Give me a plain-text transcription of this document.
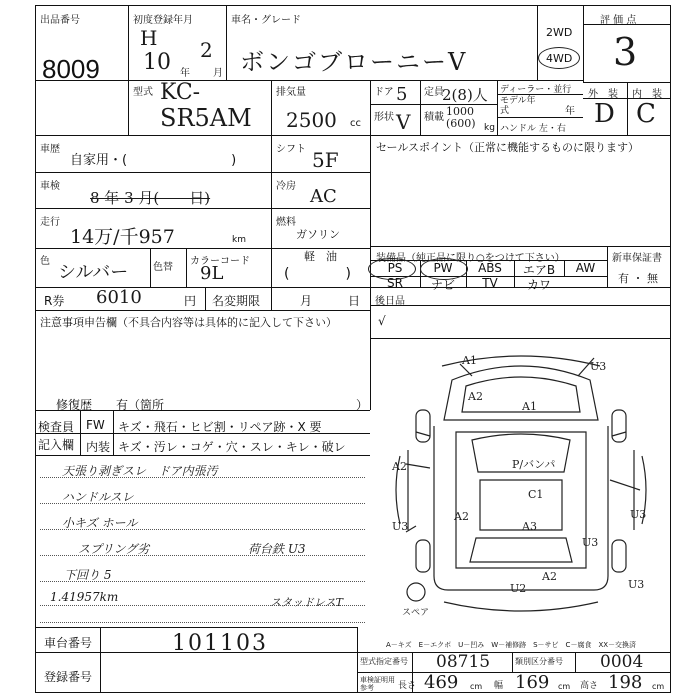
出品番号
8009
初度登録年月
H
10 年
2
月
車名・グレード
ボンゴブローニーV
2WD
4WD
評 価 点
3
型式 KC-
SR5AM
排気量
2500 cc
ドア 5 定員
2(8)人
形状 V 積載 1000 (600) kg
ディーラー・並行
モデル年式	年
ハンドル 左・右
外　装 内　装
D C
車歴
自家用・(　　　　　　　　)
シフト 5F
車検
8 年 3 月(　　日)
冷房 AC
走行
14万/千957	km
燃料
ガソリン
軽　油
(　　　　)
色
シルバー 色替
カラーコード
9L
R券 6010	円 名変期限	月	日
セールスポイント（正常に機能するものに限ります）
装備品（純正品に限り○をつけて下さい）	新車保証書
有 ・ 無
PS	PW	ABS	エアB	AW
SR	ナビ	TV	カワ
後日品
√
注意事項申告欄（不具合内容等は具体的に記入して下さい）
修復歴　　有（箇所	）
検査員
記入欄
FW キズ・飛石・ヒビ割・リペア跡・X 要
内装 キズ・汚レ・コゲ・穴・スレ・キレ・破レ
天張り剥ぎスレ　ドア内張汚
ハンドルスレ
小キズ ホール
スプリング劣	荷台鉄 U3
下回り 5
1.41957km	スタッドレスT
A1
A1
A2
A2
U3
U3
U3
A2
P/バンパ
C1
U3
A2
U3
U2
A3
スペア
A－キズ　E－エクボ　U－凹み　W－補修跡　S－サビ　C－腐食　XX－交換済
車台番号	101103
登録番号
型式指定番号 08715	類別区分番号 0004
車検証明用参考	長さ 469 cm 幅 169 cm 高さ 198 cm
